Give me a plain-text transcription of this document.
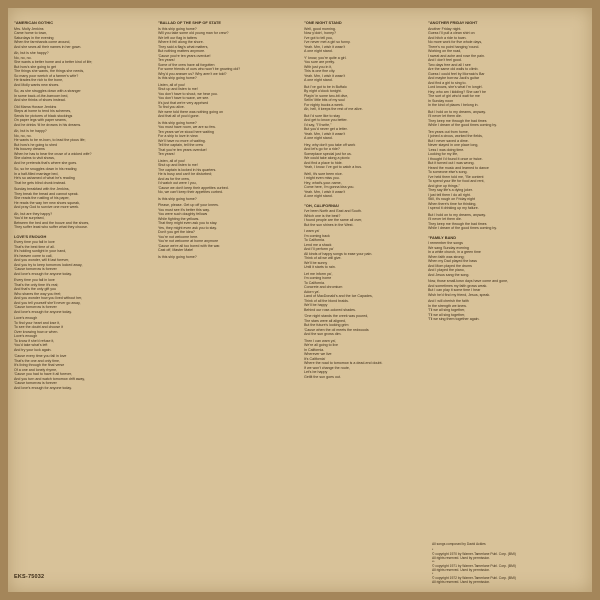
"AMERICAN GOTHIC
Mrs. Molly Jenkins
Came home to town,
Saturdays in the evening
When the farmhands come around,
And she sews all their names in her gown.
Ah, but is she happy?
No, no, no.
She wants a better home and a better kind of life;
But how's she going to get
The things she wants, the things she needs,
So many poor wretch of a farmer's wife?
He tirades the rich to the bone,
And Molly wants new shoes.
So, as she struggles down with a stranger
In some back-of-the-barroom bed,
And she thinks of shoes instead.
Old Mama Horace Jenkins
Steps at home to tend his schemes,
Sends for pictures of black stockings
On paper legs with paper seams,
And he drinks 'til he drowns in his dreams.
Ah, but is he happy?
No, no, no.
He wants to be re-born, to lead the pious life;
But how's he going to shed
His boozey dreams
When he has to bear the cruse of a wicked wife?
She claims to visit shows,
And he pretends that's where she goes.
So, so he snuggles down in his reading
In a half-filled marriage bed,
He's so ashamed of what he's reading
That he gets blind drunk instead.
Sunday breakfast with the Jenkins,
They break the bread and cannot speak.
She reads the rustling of his paper,
He reads the way her new shoes squeak,
And pray God to survive one more week.
Ah, but are they happy?
You'd be surprised,
Between the bed and the booze and the shoes,
They suffer least who suffer what they choose.
LOVE'S ENOUGH
Every time you fall in love
That's the best time of all.
It's holding sunlight in your hand,
It's heaven come to call,
And you wonder, will it last forever,
And you try to keep tomorrow locked away,
'Cause tomorrow is forever
And love's enough for anyone today.
Every time you fall in love
That's the only time it's real;
And that's the only gift you
Who shares the way you feel;
And you wonder how you lived without her,
And you tell yourself she'll never go away,
'Cause tomorrow is forever
And love's enough for anyone today.
Love's enough
To find your heart and lose it,
To see the doubt and choose it
Over knowing how or when.
Love's enough
To know if she'd refuse it,
You'd take what's left
And try your luck again.
'Cause every time you fall in love
That's the one and only time,
It's living through the final verse
Of a one and lonely rhyme,
'Cause you had to have it all forever,
And you turn and watch tomorrow drift away,
'Cause tomorrow is forever
And love's enough for anyone today.
"BALLAD OF THE SHIP OF STATE
Is this ship going home?
Will you take some old young man for crew?
We left our flag in tatters
Where it fell along the shore.
They said a flag's what matters,
But nothing matters anymore.
'Cause you're ten years overdue!
Ten years!
Some of the crew have all forgotten
For some friends of ours who won't be growing old?
Why'd you answer us? Why aren't we told?
Is this ship going home?
Listen, all of you!
Shut up and listen to me!
You don't have to shout, we hear you.
You don't have to wave, we see.
It's just that we're very apprised
To find you alive.
We were told there was nothing going on
And that all of you'd gone.
Is this ship going home?
You must have room, we are so few.
Ten years we've stood here waiting
For a ship to love in view.
We'll have no more of waiting.
Tell the captain, tell the crew
That you're ten years overdue!
Ten years!
Listen, all of you!
Shut up and listen to me!
The captain is locked in his quarters.
He is busy and can't be disturbed;
And as for the crew,
I'd watch out were I you,
'Cause we don't keep their appetites curbed.
No, we can't keep their appetites curbed.
Is this ship going home?
Please, please. Get up off your knees.
You must see it's better this way.
You were such doughty fellows
While fighting the yellows.
That they might even ask you to stay.
Yes, they might even ask you to stay.
Don't you get the idea?
You're not welcome here.
You're not welcome at home anymore
'Cause we're all too bored with the war.
Cast off, Master Mate!
Is this ship going home?
"ONE NIGHT STAND
Well, good morning.
Now y'doin', honey?
I've got to tell you,
I've never met a girl so funny.
Yeah. Mm, I wish it wasn't
A one night stand.
Y' know, you're quite a girl.
You sure are pretty.
With just you in it,
This is one fine city.
Yeah. Mm, I wish it wasn't
A one night stand.
But I've got to be in Buffalo
By night o'clock tonight.
Playin' in some two-bit dive,
Sellin' little bits of my soul
For nighty bucks a week.
Ah, hell, it keeps the rest of me alive.
But I'd sure like to stay
And get to know you better.
I'd say, "I'll write,"
But you'd never get a letter.
Yeah. Mm, I wish it wasn't
A one night stand.
Hey, why don't you take off work
And let's go for a ride?
Someplace special just for us.
We could take along a picnic
And find a place to hide.
Yeah, I know. I've got to catch a bus.
Well, it's sure been nice.
I might even miss you.
Hey, what's-your-name,
Come here, I'm gonna kiss you.
Yeah. Mm, I wish it wasn't
A one night stand.
"OH, CALIFORNIA!
I've been North and East and South.
Which one is the best?
I found people are the same all over,
But the sun shines in the West.
I warn ya'
I'm coming back
To California.
Lend me a shack
And I'll perform ya'
All kinds of happy songs to ease your pain.
Think of all we will give.
We'll be sunny
Until it starts to rain.
Let me inform ya',
I'm coming home
To California.
Concrete and chromium
Adorn ya'.
Land of MacDonald's and the Ice Capades,
Think of all the blond braids.
We'll be happy
Behind our rose-colored shades.
'One night stands the creek was poured,
The stars were all aligned,
But the future's looking grim
'Cause when the oil meets the redwoods
And the sun grows dim.
Then I can warn ya',
We're all going to live
In California.
Wherever we live
It's California'
Where the road to tomorrow is a dead-end doubt.
If we won't change the route,
Let's be happy
Getlit the sun goes out.
"ANOTHER FRIDAY NIGHT
Another Friday night.
Guess I'll pull a clean shirt on
And hitch a ride to town.
No more work for five whole days,
There's no point hanging 'round.
Working on the road,
I sweat and ache and rose the pain.
And I don't feel good.
Two days free and all I see
Are the same old walls to climb.
Guess I could feel by Mornaio's Bar
And maybe borrow Jack's guitar
And find a girl to sing to.
Lord knows, she's what I'm longin'.
Hey, who am I kidding? She can't be
The sort of girl who'd wait for me
In Sunday noon
In the kind of places I belong in.
But I hold on to my dreams, anyway.
I'll never let them die.
They keep me through the bad times
While I dream of the good times coming by.
Ten years out from home,
I joined a circus, worked the fields,
But I never saved a dime.
Never stayed in one place long,
'Less I was doing time.
Looking for my life,
I thought I'd found it once or twice.
But it turned out I was wrong.
Heard the music and learned to dance
To someone else's song.
I've held them told me, "Be content
To spend your life for food and rent,
And give up things."
They say life's a dying joker.
I just tell them I do all right.
Still, it's rough on Friday night
When there's time for thinking,
I spend it drinking up my failure.
But I hold on to my dreams, anyway.
I'll never let them die.
They keep me through the bad times
While I dream of the good times coming by.
"FAMILY BAND
I remember the songs
We sang Sunday evening
In a white church, in a green time
When faith was strong;
When my Dad played the bass
And Mom played the drums
And I played the piano,
And Jesus sang the song.
Now, those small-town days have come and gone,
And sometimes my faith grows weak.
But I can play it some time I hear
Wish he'd find my friend, Jesus, speak.
And I will cherish the faith
In the strength we knew.
'Til we all sing together,
'Til we all sing together,
'Til we sing them together again.
All songs composed by David Ackles
*
© copyright 1970 by Warner-Tamerlane Publ. Corp. (BMI)
All rights reserved. Used by permission.
**
© copyright 1971 by Warner-Tamerlane Publ. Corp. (BMI)
All rights reserved. Used by permission.
*
© copyright 1972 by Warner-Tamerlane Publ. Corp. (BMI)
All rights reserved. Used by permission.
EKS-75032
